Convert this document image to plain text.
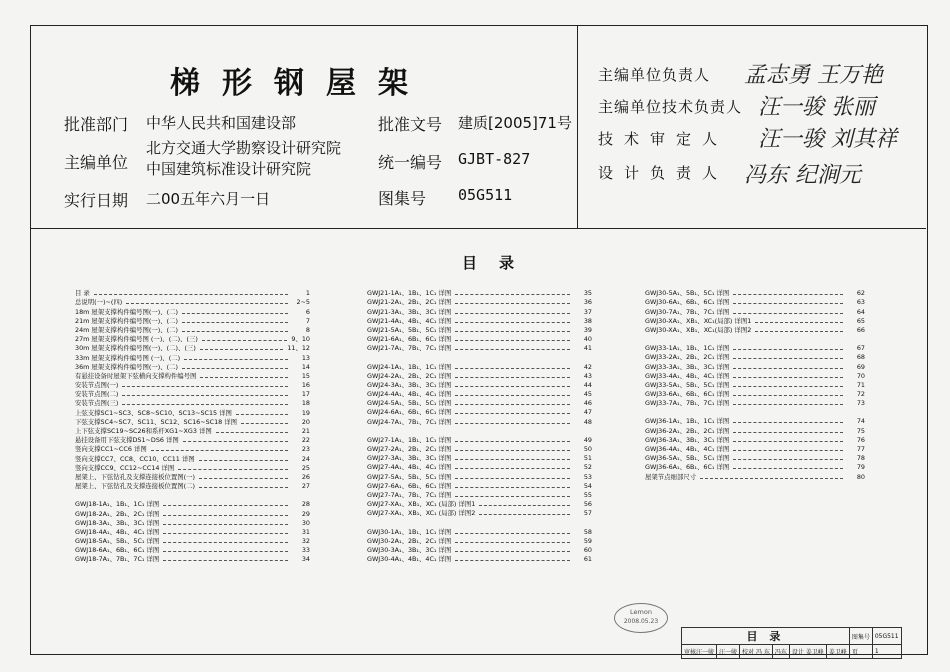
梯形钢屋架
批准部门 中华人民共和国建设部
主编单位
北方交通大学勘察设计研究院
中国建筑标准设计研究院
实行日期 二00五年六月一日
批准文号 建质[2005]71号
统一编号 GJBT-827
图集号 05G511
主编单位负责人 孟志勇 王万艳
主编单位技术负责人 汪一骏 张丽
技术审定人 汪一骏 刘其祥
设计负责人 冯东 纪涧元
目录
目 录	1
总说明(一)~(四)	2~5
18m 屋架支撑构件编号图(一)、(二)	6
21m 屋架支撑构件编号图(一)、(二)	7
24m 屋架支撑构件编号图(一)、(二)	8
27m 屋架支撑构件编号图 (一)、(二)、(三)	9、10
30m 屋架支撑构件编号图(一)、(二)、(三)	11、12
33m 屋架支撑构件编号图 (一)、(二)	13
36m 屋架支撑构件编号图(一)、(二)	14
有悬挂设备时屋架下弦横向支撑构件编号图	15
安装节点图(一)	16
安装节点图(二)	17
安装节点图(三)	18
上弦支撑SC1~SC3、SC8~SC10、SC13~SC15 详图	19
下弦支撑SC4~SC7、SC11、SC12、SC16~SC18 详图	20
上下弦支撑SC19~SC26和系杆XG1~XG3 详图	21
悬挂设备用下弦支撑DS1~DS6 详图	22
竖向支撑CC1~CC6 详图	23
竖向支撑CC7、CC8、CC10、CC11 详图	24
竖向支撑CC9、CC12~CC14 详图	25
屋架上、下弦钻孔及支撑连接板位置图(一)	26
屋架上、下弦钻孔及支撑连接板位置图(二)	27
GWJ18-1A₁、1B₁、1C₁ 详图	28
GWJ18-2A₁、2B₁、2C₁ 详图	29
GWJ18-3A₁、3B₁、3C₁ 详图	30
GWJ18-4A₁、4B₁、4C₁ 详图	31
GWJ18-5A₁、5B₁、5C₁ 详图	32
GWJ18-6A₁、6B₁、6C₁ 详图	33
GWJ18-7A₁、7B₁、7C₁ 详图	34
GWJ21-1A₁、1B₁、1C₁ 详图	35
GWJ21-2A₁、2B₁、2C₁ 详图	36
GWJ21-3A₁、3B₁、3C₁ 详图	37
GWJ21-4A₁、4B₁、4C₁ 详图	38
GWJ21-5A₁、5B₁、5C₁ 详图	39
GWJ21-6A₁、6B₁、6C₁ 详图	40
GWJ21-7A₁、7B₁、7C₁ 详图	41
GWJ24-1A₁、1B₁、1C₁ 详图	42
GWJ24-2A₁、2B₁、2C₁ 详图	43
GWJ24-3A₁、3B₁、3C₁ 详图	44
GWJ24-4A₁、4B₁、4C₁ 详图	45
GWJ24-5A₁、5B₁、5C₁ 详图	46
GWJ24-6A₁、6B₁、6C₁ 详图	47
GWJ24-7A₁、7B₁、7C₁ 详图	48
GWJ27-1A₁、1B₁、1C₁ 详图	49
GWJ27-2A₁、2B₁、2C₁ 详图	50
GWJ27-3A₁、3B₁、3C₁ 详图	51
GWJ27-4A₁、4B₁、4C₁ 详图	52
GWJ27-5A₁、5B₁、5C₁ 详图	53
GWJ27-6A₁、6B₁、6C₁ 详图	54
GWJ27-7A₁、7B₁、7C₁ 详图	55
GWJ27-XA₁、XB₁、XC₁ (局部) 详图1	56
GWJ27-XA₁、XB₁、XC₁ (局部) 详图2	57
GWJ30-1A₁、1B₁、1C₁ 详图	58
GWJ30-2A₁、2B₁、2C₁ 详图	59
GWJ30-3A₁、3B₁、3C₁ 详图	60
GWJ30-4A₁、4B₁、4C₁ 详图	61
GWJ30-5A₁、5B₁、5C₁ 详图	62
GWJ30-6A₁、6B₁、6C₁ 详图	63
GWJ30-7A₁、7B₁、7C₁ 详图	64
GWJ30-XA₁、XB₁、XC₁(局部) 详图1	65
GWJ30-XA₁、XB₁、XC₁(局部) 详图2	66
GWJ33-1A₁、1B₁、1C₁ 详图	67
GWJ33-2A₁、2B₁、2C₁ 详图	68
GWJ33-3A₁、3B₁、3C₁ 详图	69
GWJ33-4A₁、4B₁、4C₁ 详图	70
GWJ33-5A₁、5B₁、5C₁ 详图	71
GWJ33-6A₁、6B₁、6C₁ 详图	72
GWJ33-7A₁、7B₁、7C₁ 详图	73
GWJ36-1A₁、1B₁、1C₁ 详图	74
GWJ36-2A₁、2B₁、2C₁ 详图	75
GWJ36-3A₁、3B₁、3C₁ 详图	76
GWJ36-4A₁、4B₁、4C₁ 详图	77
GWJ36-5A₁、5B₁、5C₁ 详图	78
GWJ36-6A₁、6B₁、6C₁ 详图	79
屋架节点细部尺寸	80
Lemon
2008.05.23
目 录						图集号	05G511
审核汪一骏	汪一骏	校对 冯 东	冯东	设计 姜卫峰	姜卫峰	页	1
